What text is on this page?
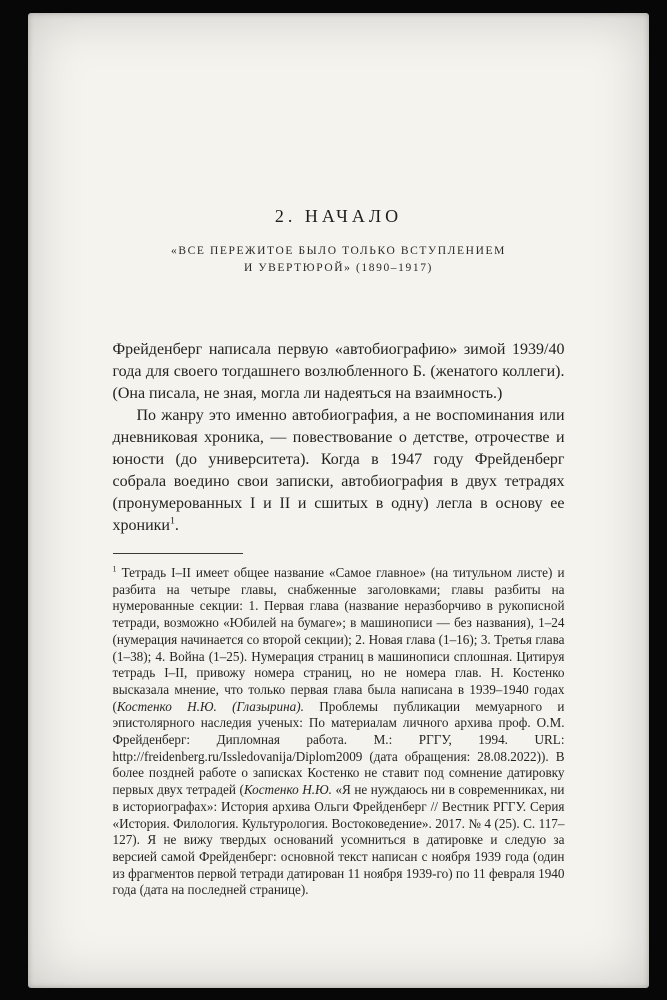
2. НАЧАЛО
«ВСЕ ПЕРЕЖИТОЕ БЫЛО ТОЛЬКО ВСТУПЛЕНИЕМ
И УВЕРТЮРОЙ» (1890–1917)

Фрейденберг написала первую «автобиографию» зимой 1939/40 года для своего тогдашнего возлюбленного Б. (женатого коллеги). (Она писала, не зная, могла ли надеяться на взаимность.)

По жанру это именно автобиография, а не воспоминания или дневниковая хроника, — повествование о детстве, отрочестве и юности (до университета). Когда в 1947 году Фрейденберг собрала воедино свои записки, автобиография в двух тетрадях (пронумерованных I и II и сшитых в одну) легла в основу ее хроники$^1$.

$^1$ Тетрадь I–II имеет общее название «Самое главное» (на титульном листе) и разбита на четыре главы, снабженные заголовками; главы разбиты на нумерованные секции: 1. Первая глава (название неразборчиво в рукописной тетради, возможно «Юбилей на бумаге»; в машинописи — без названия), 1–24 (нумерация начинается со второй секции); 2. Новая глава (1–16); 3. Третья глава (1–38); 4. Война (1–25). Нумерация страниц в машинописи сплошная. Цитируя тетрадь I–II, привожу номера страниц, но не номера глав. Н. Костенко высказала мнение, что только первая глава была написана в 1939–1940 годах (Костенко Н.Ю. (Глазырина). Проблемы публикации мемуарного и эпистолярного наследия ученых: По материалам личного архива проф. О.М. Фрейденберг: Дипломная работа. М.: РГГУ, 1994. URL: http://freidenberg.ru/Issledovanija/Diplom2009 (дата обращения: 28.08.2022)). В более поздней работе о записках Костенко не ставит под сомнение датировку первых двух тетрадей (Костенко Н.Ю. «Я не нуждаюсь ни в современниках, ни в историографах»: История архива Ольги Фрейденберг // Вестник РГГУ. Серия «История. Филология. Культурология. Востоковедение». 2017. № 4 (25). С. 117–127). Я не вижу твердых оснований усомниться в датировке и следую за версией самой Фрейденберг: основной текст написан с ноября 1939 года (один из фрагментов первой тетради датирован 11 ноября 1939-го) по 11 февраля 1940 года (дата на последней странице).
